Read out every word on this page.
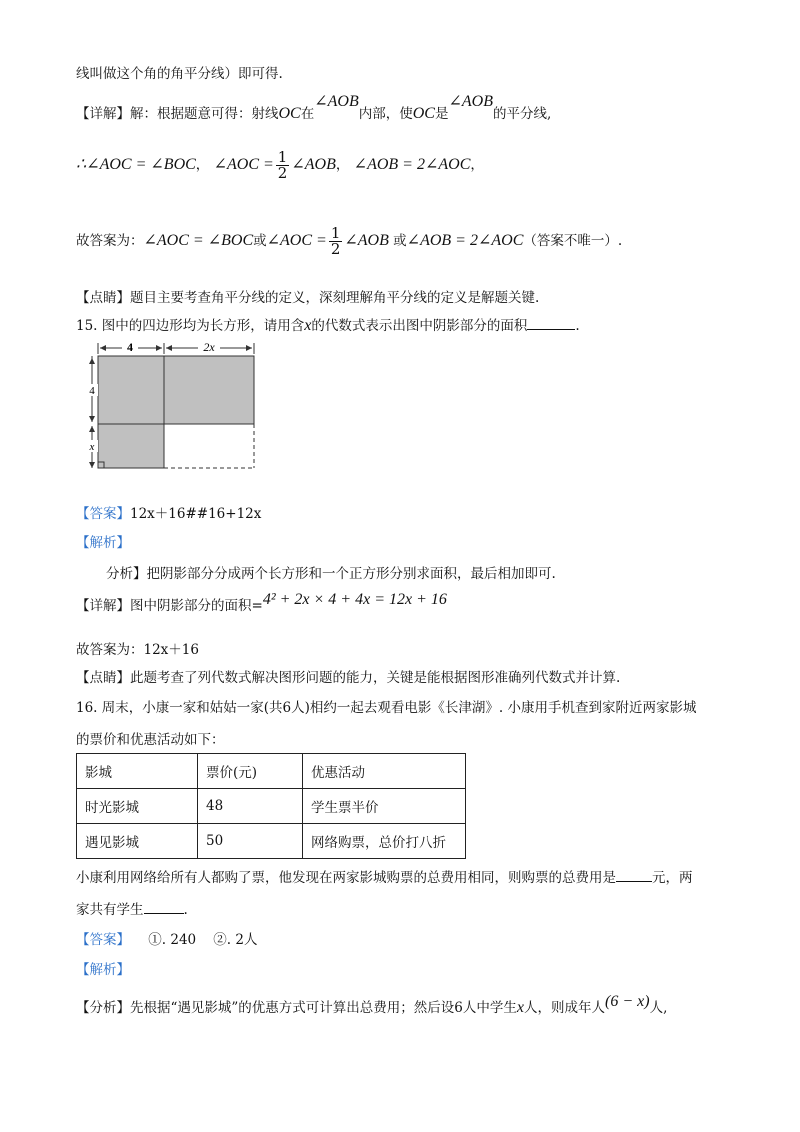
线叫做这个角的角平分线）即可得.
【详解】解：根据题意可得：射线OC在∠AOB内部，使OC是∠AOB的平分线,
∴∠AOC = ∠BOC， ∠AOC = $\frac{1}{2}$ ∠AOB， ∠AOB = 2∠AOC，
故答案为：∠AOC = ∠BOC或∠AOC = $\frac{1}{2}$ ∠AOB 或∠AOB = 2∠AOC（答案不唯一）.
【点睛】题目主要考查角平分线的定义，深刻理解角平分线的定义是解题关键.
15. 图中的四边形均为长方形，请用含x的代数式表示出图中阴影部分的面积	.
4	2x
4
x
【答案】12x＋16##16+12x
【解析】
分析】把阴影部分分成两个长方形和一个正方形分别求面积，最后相加即可.
【详解】图中阴影部分的面积=4² + 2x × 4 + 4x = 12x + 16
故答案为：12x＋16
【点睛】此题考查了列代数式解决图形问题的能力，关键是能根据图形准确列代数式并计算.
16. 周末，小康一家和姑姑一家(共6人)相约一起去观看电影《长津湖》. 小康用手机查到家附近两家影城
的票价和优惠活动如下：
影城	票价(元)	优惠活动
时光影城	48	学生票半价
遇见影城	50	网络购票，总价打八折
小康利用网络给所有人都购了票，他发现在两家影城购票的总费用相同，则购票的总费用是	元，两
家共有学生	.
【答案】 ①. 240    ②. 2人
【解析】
【分析】先根据“遇见影城”的优惠方式可计算出总费用；然后设6人中学生x人，则成年人(6 − x)人,
